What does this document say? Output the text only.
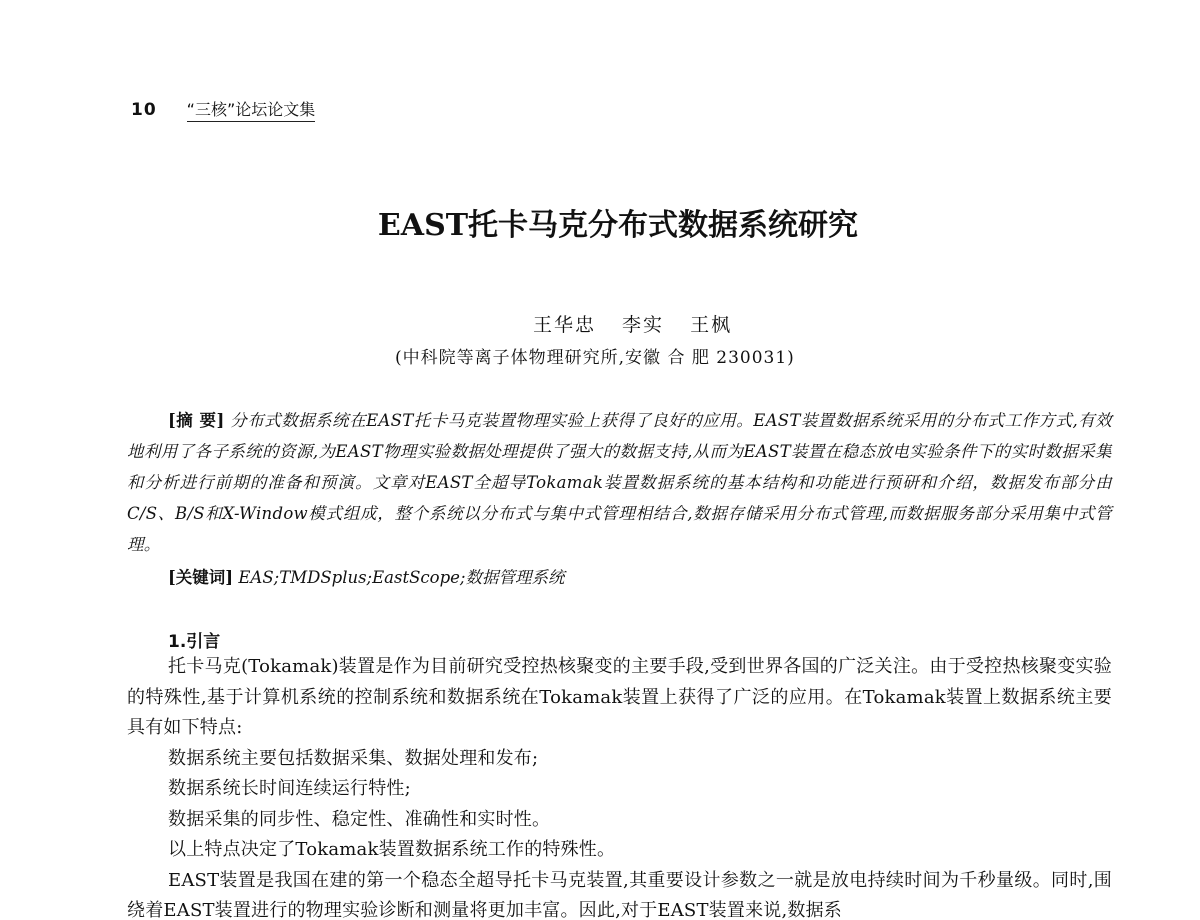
10 “三核”论坛论文集
EAST托卡马克分布式数据系统研究
王华忠 李实 王枫
(中科院等离子体物理研究所,安徽 合 肥 230031)
[摘 要] 分布式数据系统在EAST托卡马克装置物理实验上获得了良好的应用。EAST装置数据系统采用的分布式工作方式,有效地利用了各子系统的资源,为EAST物理实验数据处理提供了强大的数据支持,从而为EAST装置在稳态放电实验条件下的实时数据采集和分析进行前期的准备和预演。文章对EAST全超导Tokamak装置数据系统的基本结构和功能进行预研和介绍，数据发布部分由C/S、B/S和X-Window模式组成，整个系统以分布式与集中式管理相结合,数据存储采用分布式管理,而数据服务部分采用集中式管理。
[关键词] EAS;TMDSplus;EastScope;数据管理系统
1.引言

托卡马克(Tokamak)装置是作为目前研究受控热核聚变的主要手段,受到世界各国的广泛关注。由于受控热核聚变实验的特殊性,基于计算机系统的控制系统和数据系统在Tokamak装置上获得了广泛的应用。在Tokamak装置上数据系统主要具有如下特点:

数据系统主要包括数据采集、数据处理和发布;

数据系统长时间连续运行特性;

数据采集的同步性、稳定性、准确性和实时性。

以上特点决定了Tokamak装置数据系统工作的特殊性。

EAST装置是我国在建的第一个稳态全超导托卡马克装置,其重要设计参数之一就是放电持续时间为千秒量级。同时,围绕着EAST装置进行的物理实验诊断和测量将更加丰富。因此,对于EAST装置来说,数据系
